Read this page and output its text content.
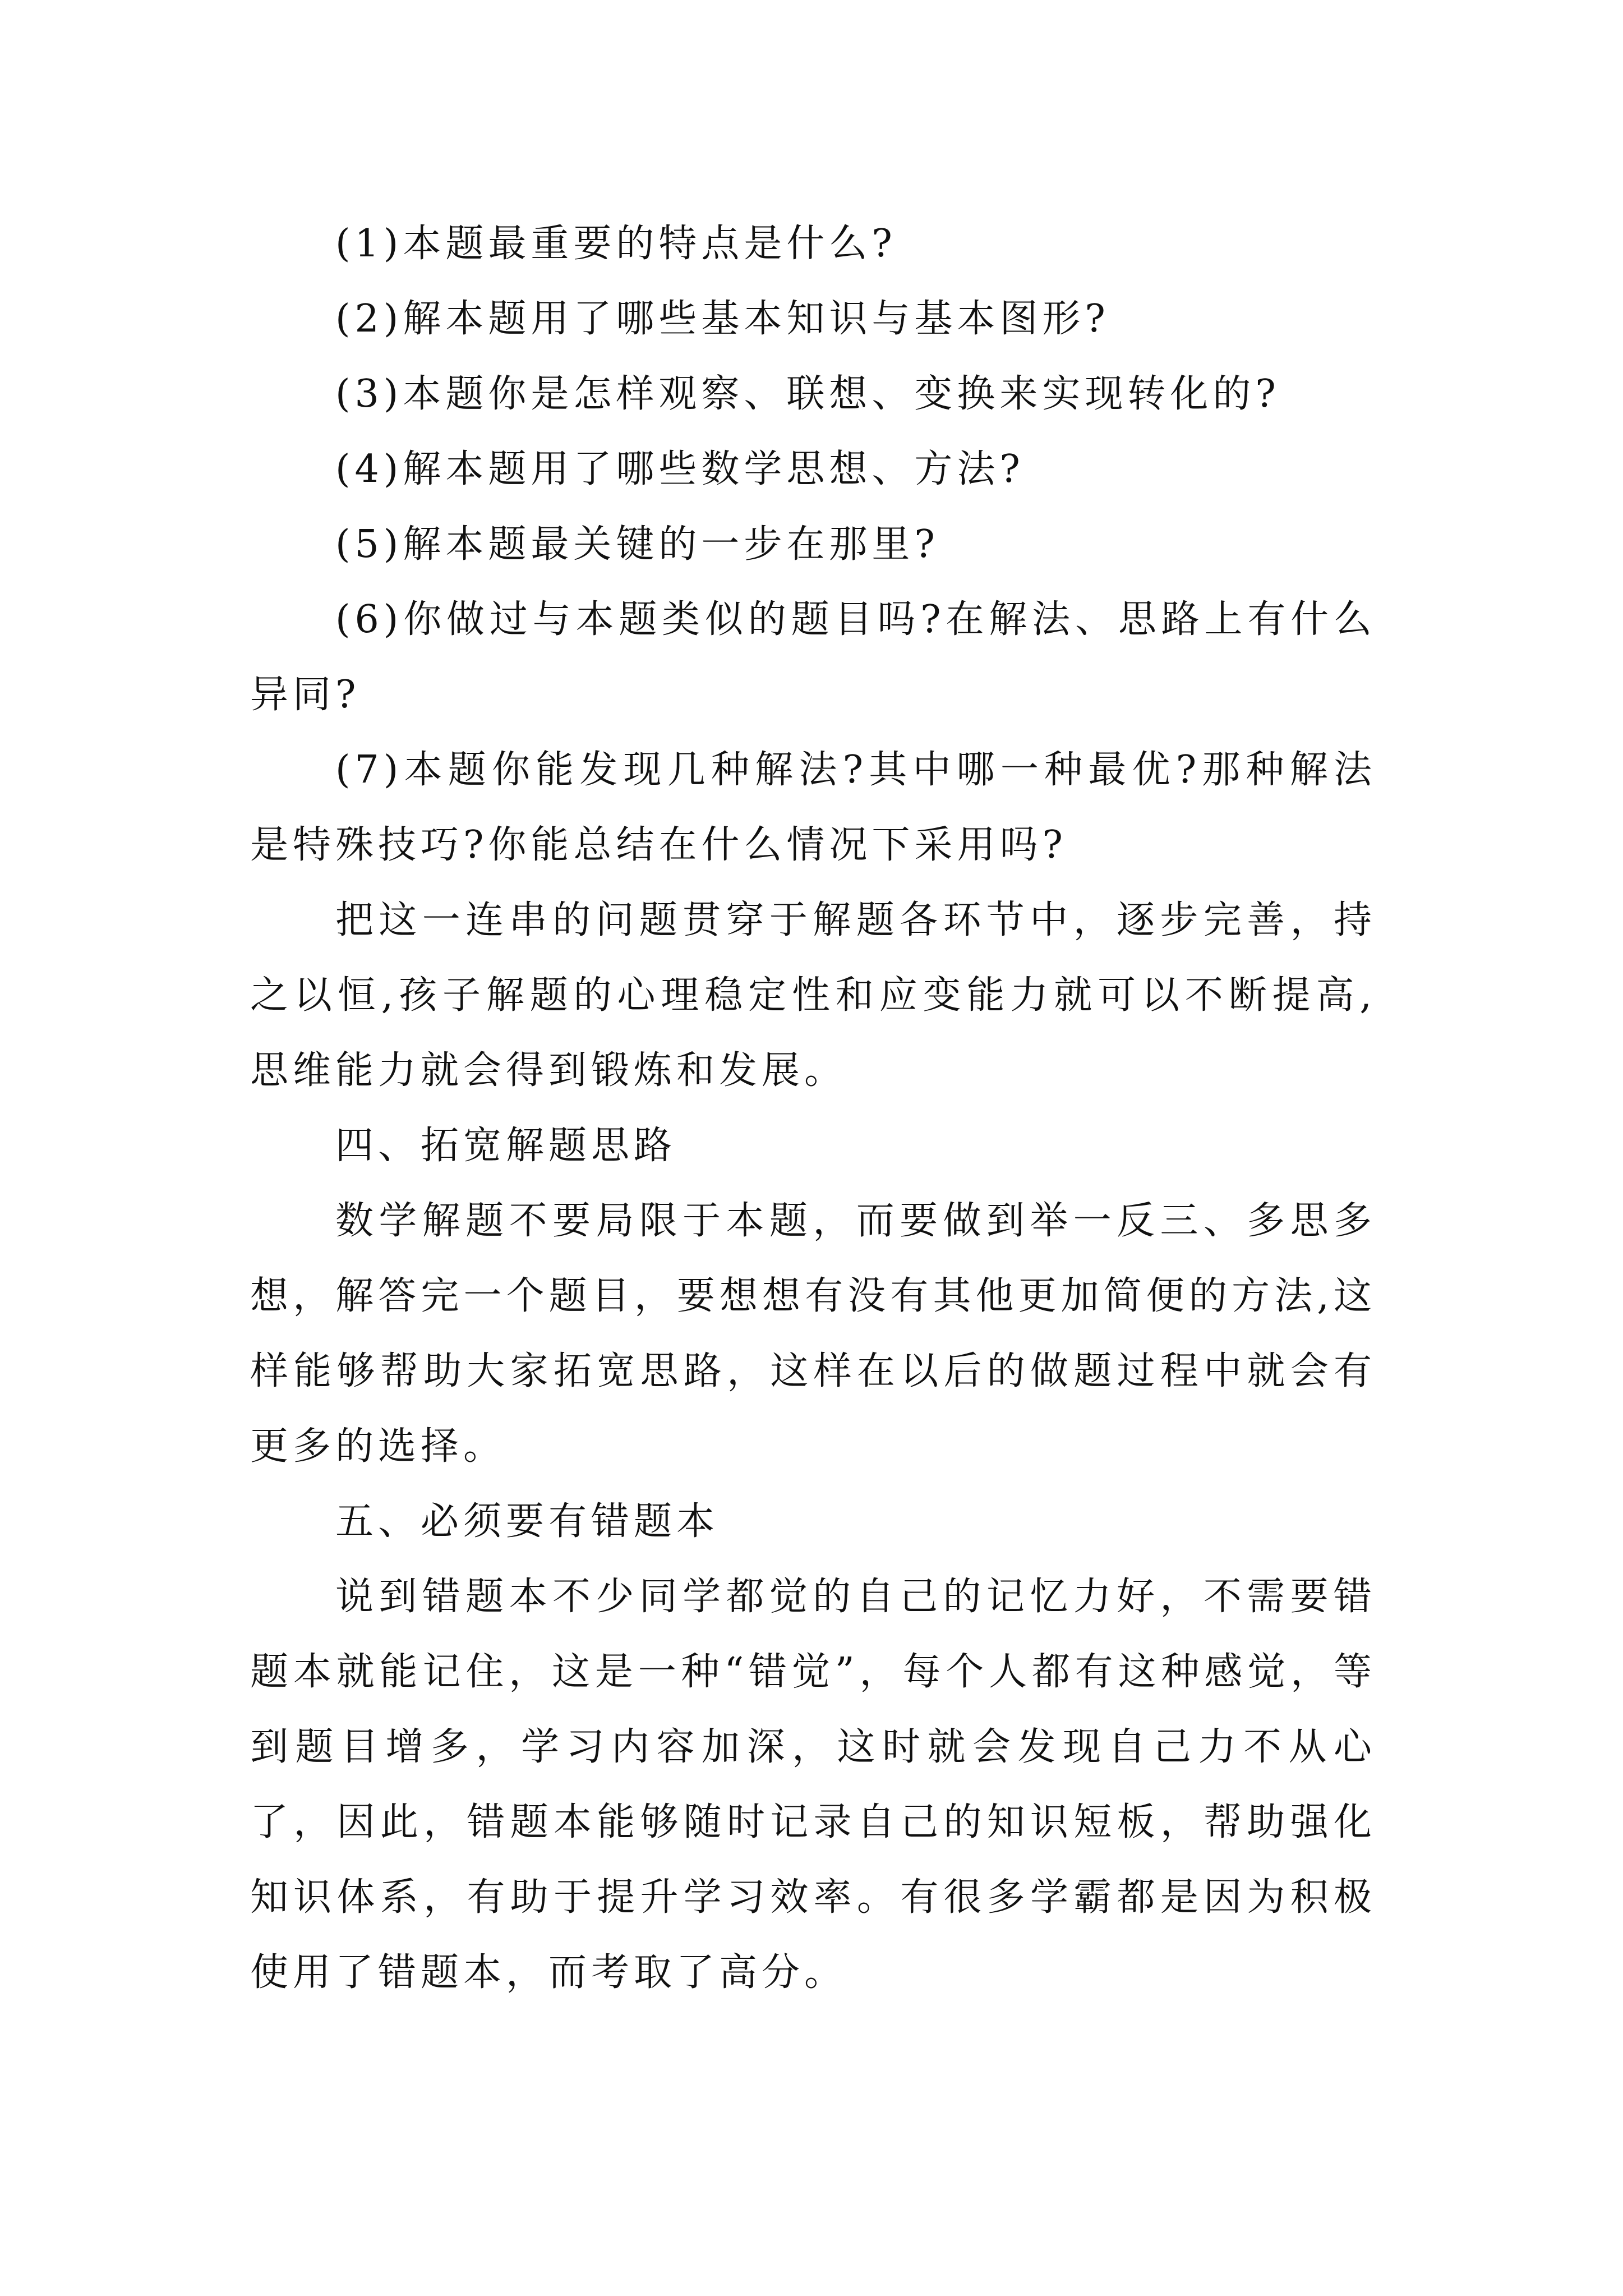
(1)本题最重要的特点是什么?

(2)解本题用了哪些基本知识与基本图形?

(3)本题你是怎样观察、联想、变换来实现转化的?

(4)解本题用了哪些数学思想、方法?

(5)解本题最关键的一步在那里?

(6)你做过与本题类似的题目吗?在解法、思路上有什么异同?

(7)本题你能发现几种解法?其中哪一种最优?那种解法是特殊技巧?你能总结在什么情况下采用吗?

把这一连串的问题贯穿于解题各环节中，逐步完善，持之以恒,孩子解题的心理稳定性和应变能力就可以不断提高,思维能力就会得到锻炼和发展。

四、拓宽解题思路

数学解题不要局限于本题，而要做到举一反三、多思多想，解答完一个题目，要想想有没有其他更加简便的方法,这样能够帮助大家拓宽思路，这样在以后的做题过程中就会有更多的选择。

五、必须要有错题本

说到错题本不少同学都觉的自己的记忆力好，不需要错题本就能记住，这是一种“错觉”，每个人都有这种感觉，等到题目增多，学习内容加深，这时就会发现自己力不从心了，因此，错题本能够随时记录自己的知识短板，帮助强化知识体系，有助于提升学习效率。有很多学霸都是因为积极使用了错题本，而考取了高分。
